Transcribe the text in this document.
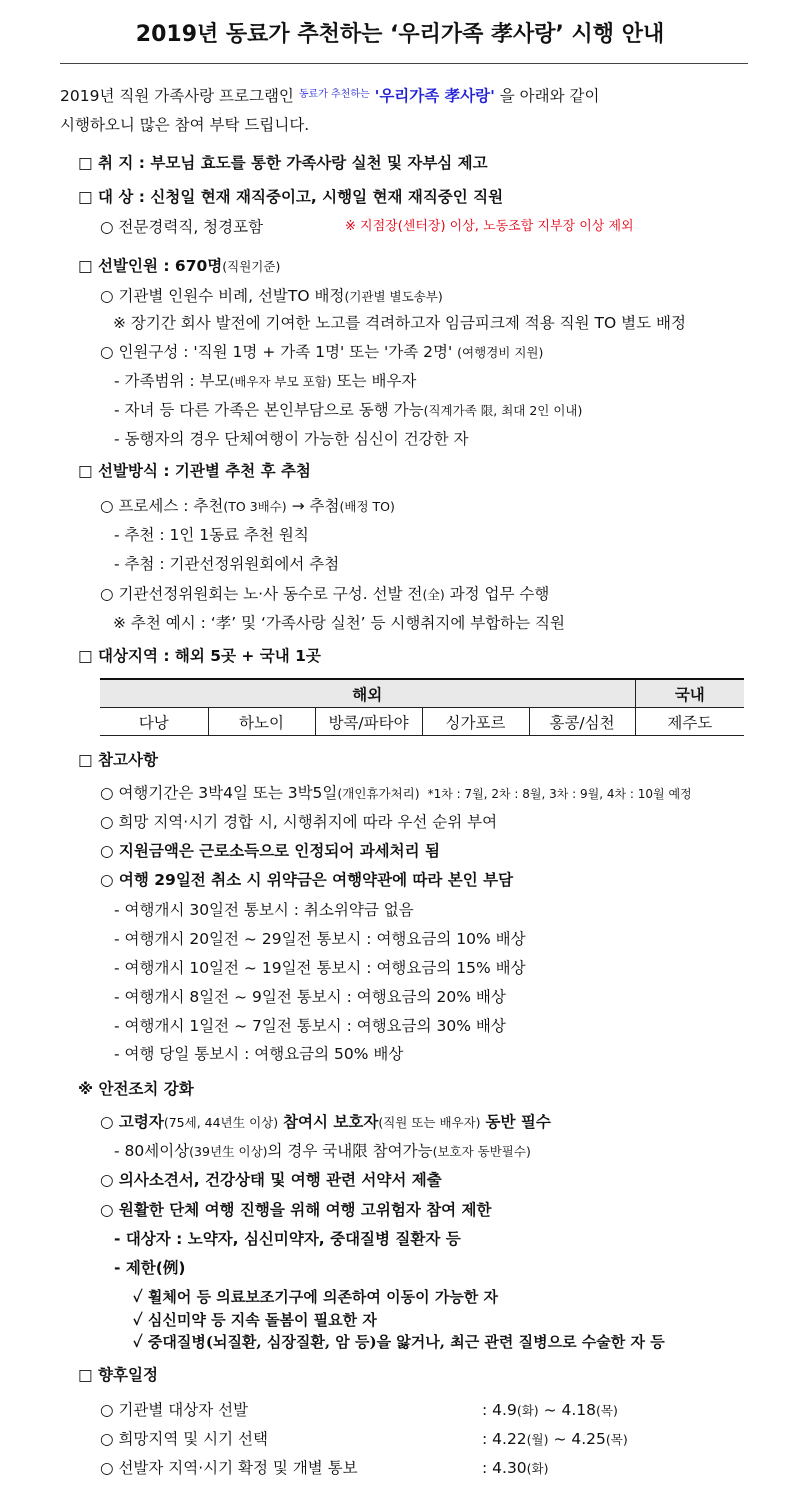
2019년 동료가 추천하는 ‘우리가족 孝사랑’ 시행 안내
2019년 직원 가족사랑 프로그램인 $^{동료가 추천하는}$ '우리가족 孝사랑' 을 아래와 같이
시행하오니 많은 참여 부탁 드립니다.
□ 취 지 : 부모님 효도를 통한 가족사랑 실천 및 자부심 제고
□ 대 상 : 신청일 현재 재직중이고, 시행일 현재 재직중인 직원
○ 전문경력직, 청경포함	※ 지점장(센터장) 이상, 노동조합 지부장 이상 제외
□ 선발인원 : 670명(직원기준)
○ 기관별 인원수 비례, 선발TO 배정(기관별 별도송부)
※ 장기간 회사 발전에 기여한 노고를 격려하고자 임금피크제 적용 직원 TO 별도 배정
○ 인원구성 : '직원 1명 + 가족 1명' 또는 '가족 2명' (여행경비 지원)
- 가족범위 : 부모(배우자 부모 포함) 또는 배우자
- 자녀 등 다른 가족은 본인부담으로 동행 가능(직계가족 限, 최대 2인 이내)
- 동행자의 경우 단체여행이 가능한 심신이 건강한 자
□ 선발방식 : 기관별 추천 후 추첨
○ 프로세스 : 추천(TO 3배수) → 추첨(배정 TO)
- 추천 : 1인 1동료 추천 원칙
- 추첨 : 기관선정위원회에서 추첨
○ 기관선정위원회는 노·사 동수로 구성. 선발 전(全) 과정 업무 수행
※ 추천 예시 : ‘孝’ 및 ‘가족사랑 실천’ 등 시행취지에 부합하는 직원
□ 대상지역 : 해외 5곳 + 국내 1곳
해외					국내
다낭	하노이	방콕/파타야	싱가포르	홍콩/심천	제주도
□ 참고사항
○ 여행기간은 3박4일 또는 3박5일(개인휴가처리) *1차 : 7월, 2차 : 8월, 3차 : 9월, 4차 : 10월 예정
○ 희망 지역·시기 경합 시, 시행취지에 따라 우선 순위 부여
○ 지원금액은 근로소득으로 인정되어 과세처리 됨
○ 여행 29일전 취소 시 위약금은 여행약관에 따라 본인 부담
- 여행개시 30일전 통보시 : 취소위약금 없음
- 여행개시 20일전 ~ 29일전 통보시 : 여행요금의 10% 배상
- 여행개시 10일전 ~ 19일전 통보시 : 여행요금의 15% 배상
- 여행개시 8일전 ~ 9일전 통보시 : 여행요금의 20% 배상
- 여행개시 1일전 ~ 7일전 통보시 : 여행요금의 30% 배상
- 여행 당일 통보시 : 여행요금의 50% 배상
※ 안전조치 강화
○ 고령자(75세, 44년生 이상) 참여시 보호자(직원 또는 배우자) 동반 필수
- 80세이상(39년生 이상)의 경우 국내限 참여가능(보호자 동반필수)
○ 의사소견서, 건강상태 및 여행 관련 서약서 제출
○ 원활한 단체 여행 진행을 위해 여행 고위험자 참여 제한
- 대상자 : 노약자, 심신미약자, 중대질병 질환자 등
- 제한(例)
✓ 휠체어 등 의료보조기구에 의존하여 이동이 가능한 자
✓ 심신미약 등 지속 돌봄이 필요한 자
✓ 중대질병(뇌질환, 심장질환, 암 등)을 앓거나, 최근 관련 질병으로 수술한 자 등
□ 향후일정
○ 기관별 대상자 선발	: 4.9(화) ~ 4.18(목)
○ 희망지역 및 시기 선택	: 4.22(월) ~ 4.25(목)
○ 선발자 지역·시기 확정 및 개별 통보	: 4.30(화)
